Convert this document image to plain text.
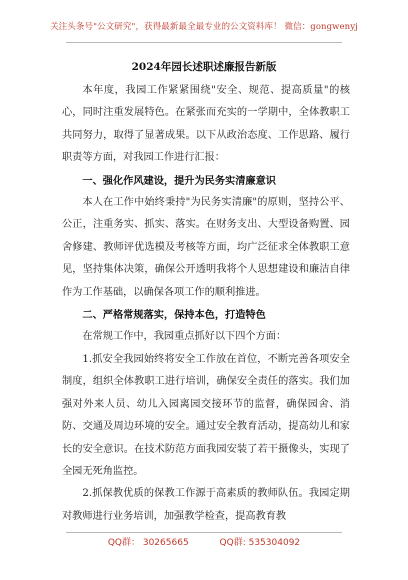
关注头条号"公文研究"，获得最新最全最专业的公文资料库！ 微信：gongwenyj
2024年园长述职述廉报告新版

本年度，我园工作紧紧围绕"安全、规范、提高质量"的核心，同时注重发展特色。在紧张而充实的一学期中，全体教职工共同努力，取得了显著成果。以下从政治态度、工作思路、履行职责等方面，对我园工作进行汇报：

一、强化作风建设，提升为民务实清廉意识

本人在工作中始终秉持"为民务实清廉"的原则，坚持公平、公正，注重务实、抓实、落实。在财务支出、大型设备购置、园舍修建、教师评优选模及考核等方面，均广泛征求全体教职工意见，坚持集体决策，确保公开透明我将个人思想建设和廉洁自律作为工作基础，以确保各项工作的顺利推进。

二、严格常规落实，保持本色，打造特色

在常规工作中，我园重点抓好以下四个方面：

1.抓安全我园始终将安全工作放在首位，不断完善各项安全制度，组织全体教职工进行培训，确保安全责任的落实。我们加强对外来人员、幼儿入园离园交接环节的监督，确保园舍、消防、交通及周边环境的安全。通过安全教育活动，提高幼儿和家长的安全意识。在技术防范方面我园安装了若干摄像头，实现了全园无死角监控。

2.抓保教优质的保教工作源于高素质的教师队伍。我园定期对教师进行业务培训，加强教学检查，提高教育教

QQ群： 30265665	QQ群: 535304092
